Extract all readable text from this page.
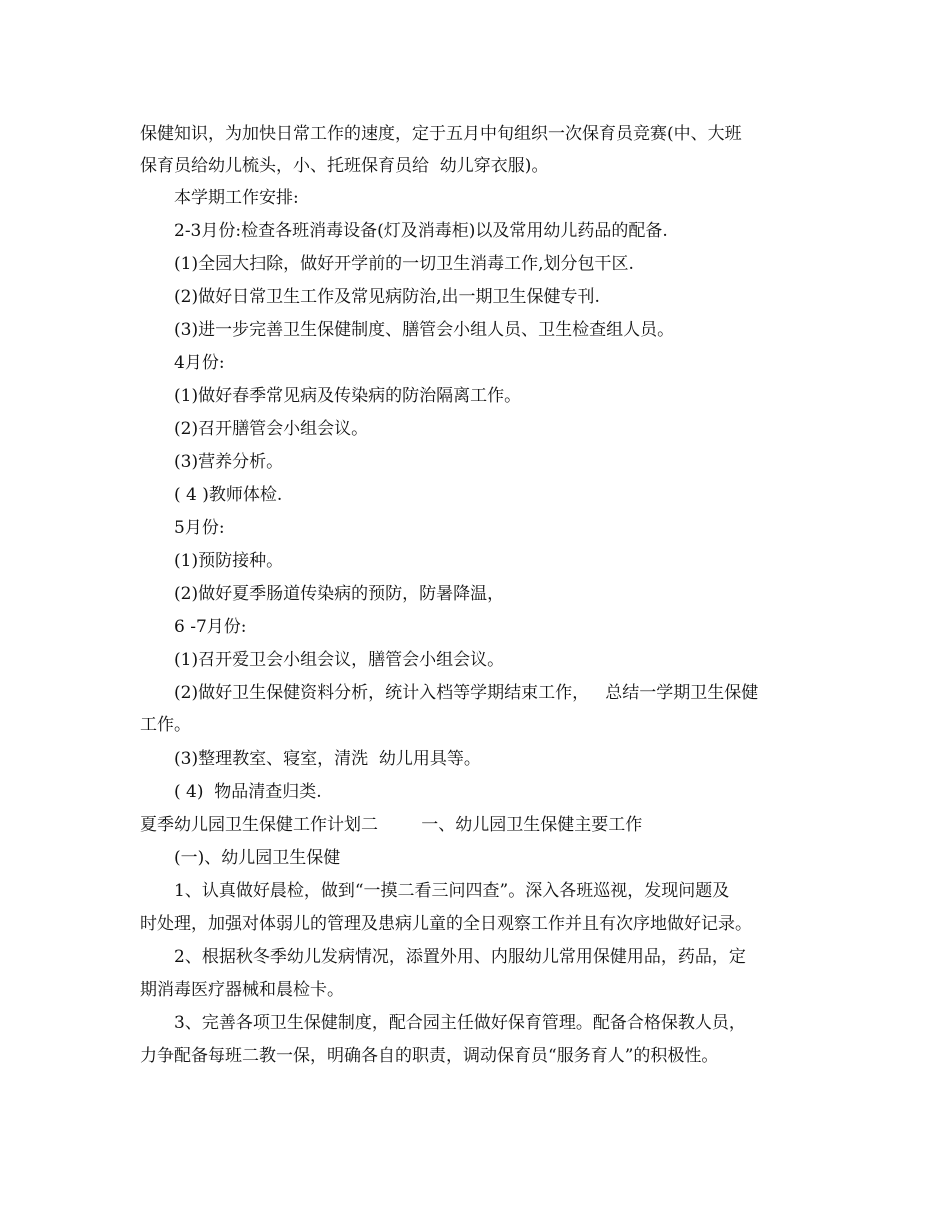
保健知识，为加快日常工作的速度，定于五月中旬组织一次保育员竞赛(中、大班
保育员给幼儿梳头，小、托班保育员给  幼儿穿衣服)。
本学期工作安排:
2-3月份:检查各班消毒设备(灯及消毒柜)以及常用幼儿药品的配备.
(1)全园大扫除，做好开学前的一切卫生消毒工作,划分包干区.
(2)做好日常卫生工作及常见病防治,出一期卫生保健专刊.
(3)进一步完善卫生保健制度、膳管会小组人员、卫生检查组人员。
4月份:
(1)做好春季常见病及传染病的防治隔离工作。
(2)召开膳管会小组会议。
(3)营养分析。
( 4 )教师体检.
5月份:
(1)预防接种。
(2)做好夏季肠道传染病的预防，防暑降温，
6 -7月份:
(1)召开爱卫会小组会议，膳管会小组会议。
(2)做好卫生保健资料分析，统计入档等学期结束工作，   总结一学期卫生保健
工作。
(3)整理教室、寝室，清洗  幼儿用具等。
( 4)  物品清查归类.
夏季幼儿园卫生保健工作计划二        一、幼儿园卫生保健主要工作
(一)、幼儿园卫生保健
1、认真做好晨检，做到“一摸二看三问四查”。深入各班巡视，发现问题及
时处理，加强对体弱儿的管理及患病儿童的全日观察工作并且有次序地做好记录。
2、根据秋冬季幼儿发病情况，添置外用、内服幼儿常用保健用品，药品，定
期消毒医疗器械和晨检卡。
3、完善各项卫生保健制度，配合园主任做好保育管理。配备合格保教人员，
力争配备每班二教一保，明确各自的职责，调动保育员“服务育人”的积极性。
